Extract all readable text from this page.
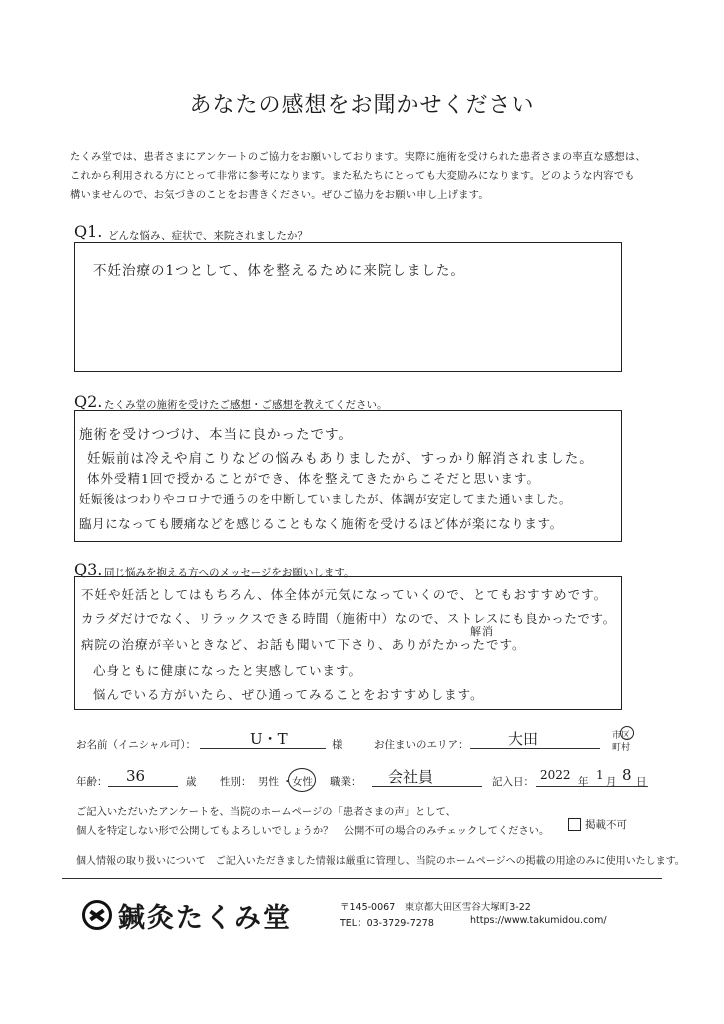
あなたの感想をお聞かせください
たくみ堂では、患者さまにアンケートのご協力をお願いしております。実際に施術を受けられた患者さまの率直な感想は、
これから利用される方にとって非常に参考になります。また私たちにとっても大変励みになります。どのような内容でも
構いませんので、お気づきのことをお書きください。ぜひご協力をお願い申し上げます。
Q1. どんな悩み、症状で、来院されましたか？
不妊治療の1つとして、体を整えるために来院しました。
Q2. たくみ堂の施術を受けたご感想・ご感想を教えてください。
施術を受けつづけ、本当に良かったです。
妊娠前は冷えや肩こりなどの悩みもありましたが、すっかり解消されました。
体外受精1回で授かることができ、体を整えてきたからこそだと思います。
妊娠後はつわりやコロナで通うのを中断していましたが、体調が安定してまた通いました。
臨月になっても腰痛などを感じることもなく施術を受けるほど体が楽になります。
Q3. 同じ悩みを抱える方へのメッセージをお願いします。
不妊や妊活としてはもちろん、体全体が元気になっていくので、とてもおすすめです。
カラダだけでなく、リラックスできる時間（施術中）なので、ストレスにも良かったです。
病院の治療が辛いときなど、お話も聞いて下さり、ありがたかったです。
解消
心身ともに健康になったと実感しています。
悩んでいる方がいたら、ぜひ通ってみることをおすすめします。
お名前（イニシャル可）：	U・T	様	お住まいのエリア：	大田	市区
町村
年齢： 36	歳 性別： 男性 ・ 女性 職業： 会社員	記入日： 2022 年 1 月 8 日
ご記入いただいたアンケートを、当院のホームページの「患者さまの声」として、
個人を特定しない形で公開してもよろしいでしょうか？　公開不可の場合のみチェックしてください。	掲載不可
個人情報の取り扱いについて　ご記入いただきました情報は厳重に管理し、当院のホームページへの掲載の用途のみに使用いたします。
鍼灸たくみ堂	〒145-0067　東京都大田区雪谷大塚町3-22
TEL：03-3729-7278	https://www.takumidou.com/
